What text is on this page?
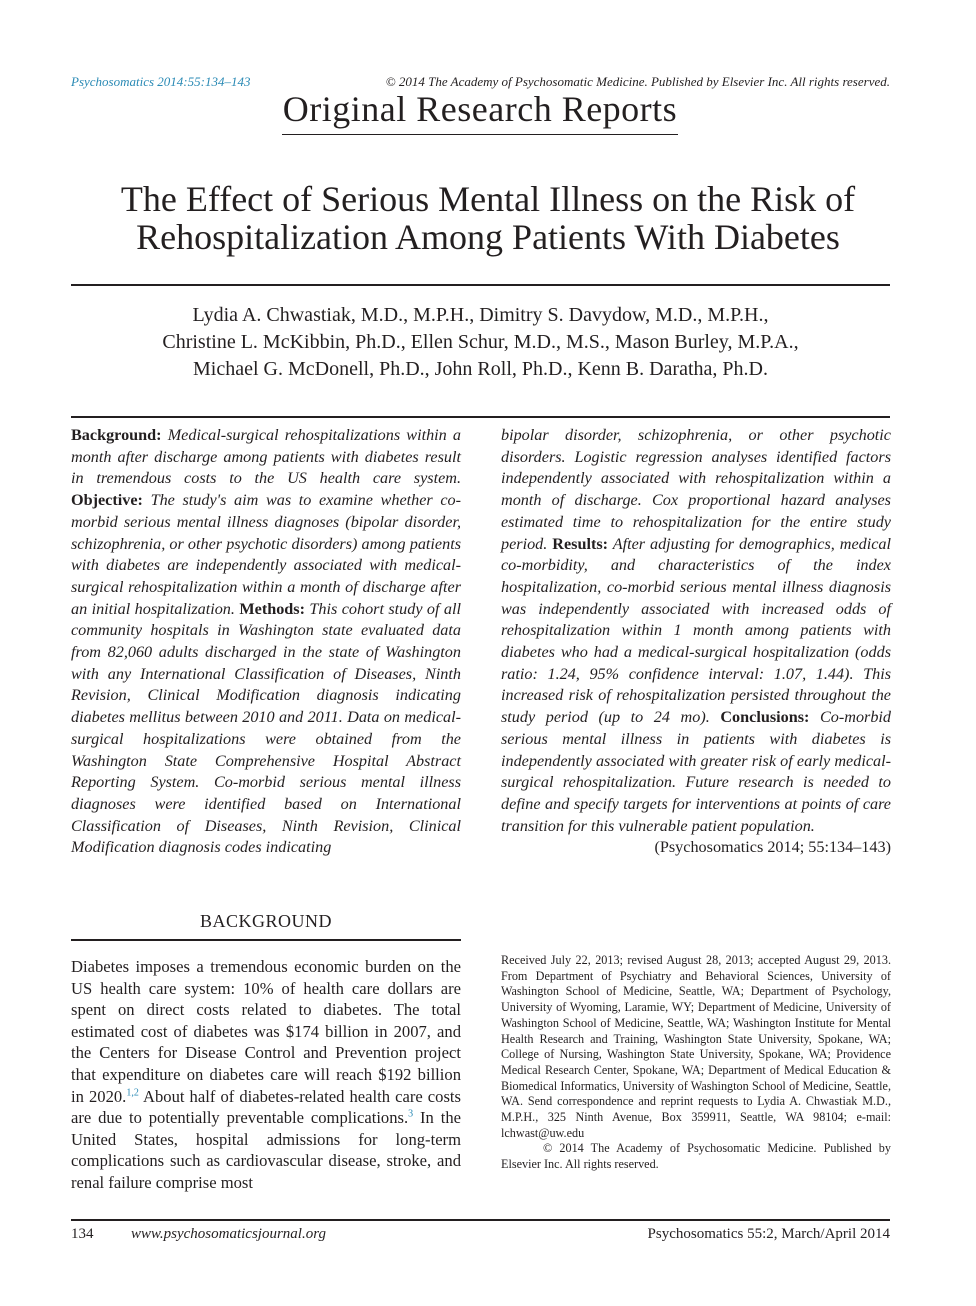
Psychosomatics 2014:55:134–143	© 2014 The Academy of Psychosomatic Medicine. Published by Elsevier Inc. All rights reserved.
Original Research Reports
The Effect of Serious Mental Illness on the Risk of
Rehospitalization Among Patients With Diabetes
Lydia A. Chwastiak, M.D., M.P.H., Dimitry S. Davydow, M.D., M.P.H.,
Christine L. McKibbin, Ph.D., Ellen Schur, M.D., M.S., Mason Burley, M.P.A.,
Michael G. McDonell, Ph.D., John Roll, Ph.D., Kenn B. Daratha, Ph.D.

Background: Medical-surgical rehospitalizations within a month after discharge among patients with diabetes result in tremendous costs to the US health care system. Objective: The study's aim was to examine whether co-morbid serious mental illness diagnoses (bipolar disorder, schizophrenia, or other psychotic disorders) among patients with diabetes are independently associated with medical-surgical rehospitalization within a month of discharge after an initial hospitalization. Methods: This cohort study of all community hospitals in Washington state evaluated data from 82,060 adults discharged in the state of Washington with any International Classification of Diseases, Ninth Revision, Clinical Modification diagnosis indicating diabetes mellitus between 2010 and 2011. Data on medical-surgical hospitalizations were obtained from the Washington State Comprehensive Hospital Abstract Reporting System. Co-morbid serious mental illness diagnoses were identified based on International Classification of Diseases, Ninth Revision, Clinical Modification diagnosis codes indicating

bipolar disorder, schizophrenia, or other psychotic disorders. Logistic regression analyses identified factors independently associated with rehospitalization within a month of discharge. Cox proportional hazard analyses estimated time to rehospitalization for the entire study period. Results: After adjusting for demographics, medical co-morbidity, and characteristics of the index hospitalization, co-morbid serious mental illness diagnosis was independently associated with increased odds of rehospitalization within 1 month among patients with diabetes who had a medical-surgical hospitalization (odds ratio: 1.24, 95% confidence interval: 1.07, 1.44). This increased risk of rehospitalization persisted throughout the study period (up to 24 mo). Conclusions: Co-morbid serious mental illness in patients with diabetes is independently associated with greater risk of early medical-surgical rehospitalization. Future research is needed to define and specify targets for interventions at points of care transition for this vulnerable patient population.

(Psychosomatics 2014; 55:134–143)

BACKGROUND

Diabetes imposes a tremendous economic burden on the US health care system: 10% of health care dollars are spent on direct costs related to diabetes. The total estimated cost of diabetes was $174 billion in 2007, and the Centers for Disease Control and Prevention project that expenditure on diabetes care will reach $192 billion in 2020.$^{1,2}$ About half of diabetes-related health care costs are due to potentially preventable complications.$^3$ In the United States, hospital admissions for long-term complications such as cardiovascular disease, stroke, and renal failure comprise most

Received July 22, 2013; revised August 28, 2013; accepted August 29, 2013. From Department of Psychiatry and Behavioral Sciences, University of Washington School of Medicine, Seattle, WA; Department of Psychology, University of Wyoming, Laramie, WY; Department of Medicine, University of Washington School of Medicine, Seattle, WA; Washington Institute for Mental Health Research and Training, Washington State University, Spokane, WA; College of Nursing, Washington State University, Spokane, WA; Providence Medical Research Center, Spokane, WA; Department of Medical Education & Biomedical Informatics, University of Washington School of Medicine, Seattle, WA. Send correspondence and reprint requests to Lydia A. Chwastiak M.D., M.P.H., 325 Ninth Avenue, Box 359911, Seattle, WA 98104; e-mail: lchwast@uw.edu

© 2014 The Academy of Psychosomatic Medicine. Published by Elsevier Inc. All rights reserved.

134	www.psychosomaticsjournal.org	Psychosomatics 55:2, March/April 2014
